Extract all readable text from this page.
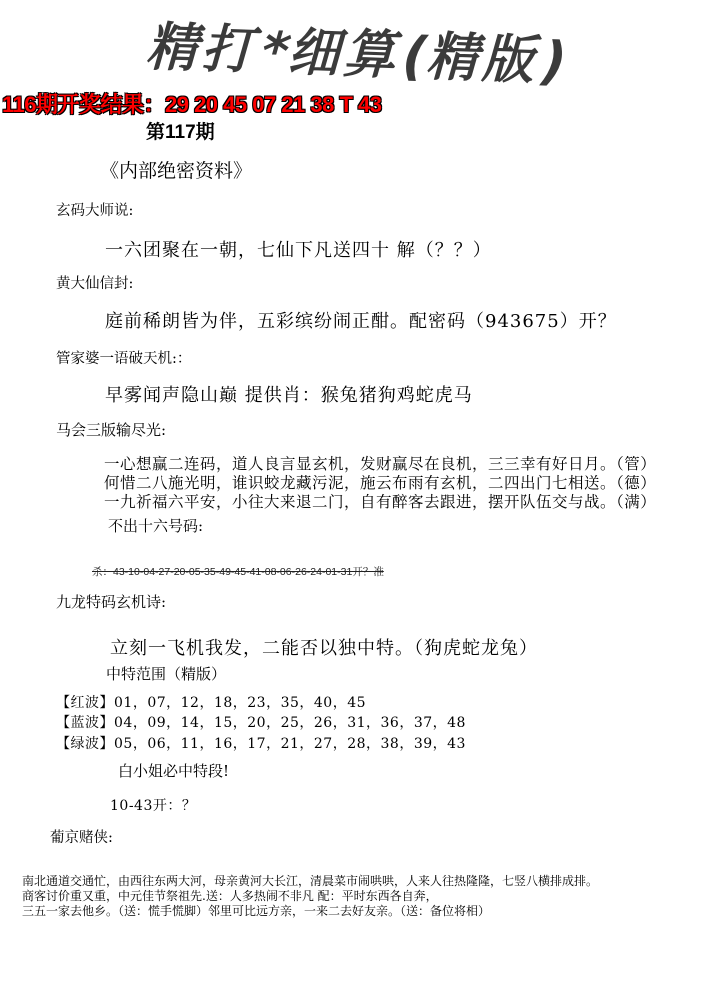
精打*细算(精版)
116期开奖结果：29 20 45 07 21 38 T 43
第117期
《内部绝密资料》
玄码大师说:
一六团聚在一朝，七仙下凡送四十 解（？？）
黄大仙信封:
庭前稀朗皆为伴，五彩缤纷闹正酣。配密码（943675）开？
管家婆一语破天机:：
早雾闻声隐山巅 提供肖：猴兔猪狗鸡蛇虎马
马会三版输尽光:
一心想赢二连码，道人良言显玄机，发财赢尽在良机，三三幸有好日月。（管）
何惜二八施光明，谁识蛟龙藏污泥，施云布雨有玄机，二四出门七相送。（德）
一九祈福六平安，小往大来退二门，自有醉客去跟进，摆开队伍交与战。（满）
不出十六号码:
杀：43-10-04-27-20-05-35-49-45-41-08-06-26-24-01-31开？准
九龙特码玄机诗:
立刻一飞机我发，二能否以独中特。（狗虎蛇龙兔）
中特范围（精版）
【红波】01，07，12，18，23，35，40，45
【蓝波】04，09，14，15，20，25，26，31，36，37，48
【绿波】05，06，11，16，17，21，27，28，38，39，43
白小姐必中特段!
10-43开：？
葡京赌侠:
南北通道交通忙，由西往东两大河，母亲黄河大长江，清晨菜市闹哄哄，人来人往热隆隆，七竖八横排成排。
商客讨价重又重，中元佳节祭祖先.送：人多热闹不非凡 配：平时东西各自奔，
三五一家去他乡。（送：慌手慌脚）邻里可比远方亲，一来二去好友亲。（送：备位将相）
